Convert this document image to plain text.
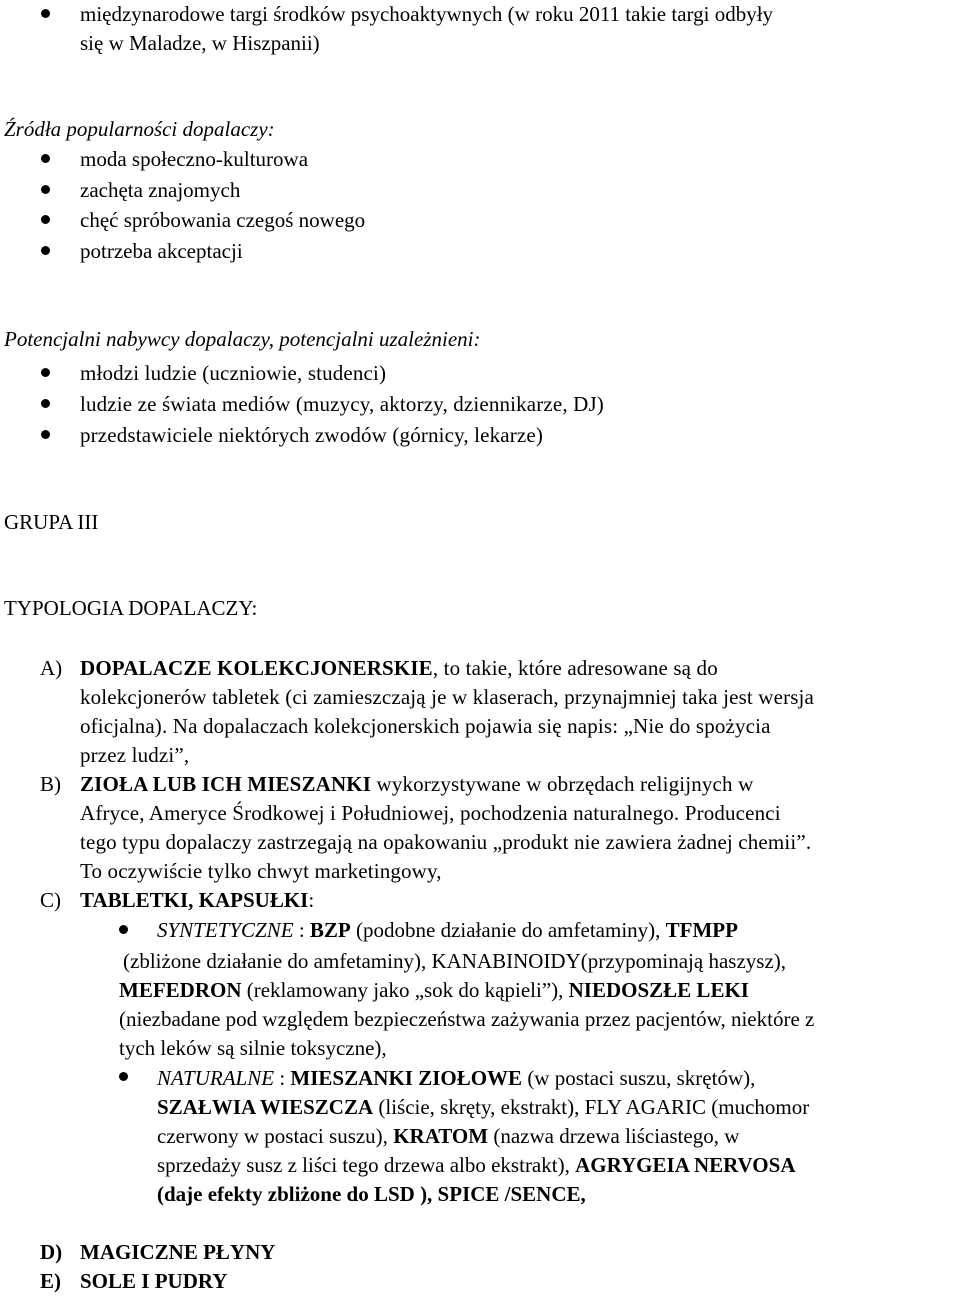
międzynarodowe targi środków psychoaktywnych (w roku 2011 takie targi odbyły
się w Maladze, w Hiszpanii)
Źródła popularności dopalaczy:
moda społeczno-kulturowa
zachęta znajomych
chęć spróbowania czegoś nowego
potrzeba akceptacji
Potencjalni nabywcy dopalaczy, potencjalni uzależnieni:
młodzi ludzie (uczniowie, studenci)
ludzie ze świata mediów (muzycy, aktorzy, dziennikarze, DJ)
przedstawiciele niektórych zwodów (górnicy, lekarze)
GRUPA III
TYPOLOGIA DOPALACZY:
A) DOPALACZE KOLEKCJONERSKIE, to takie, które adresowane są do
kolekcjonerów tabletek (ci zamieszczają je w klaserach, przynajmniej taka jest wersja
oficjalna). Na dopalaczach kolekcjonerskich pojawia się napis: „Nie do spożycia
przez ludzi”,
B) ZIOŁA LUB ICH MIESZANKI wykorzystywane w obrzędach religijnych w
Afryce, Ameryce Środkowej i Południowej, pochodzenia naturalnego. Producenci
tego typu dopalaczy zastrzegają na opakowaniu „produkt nie zawiera żadnej chemii”.
To oczywiście tylko chwyt marketingowy,
C) TABLETKI, KAPSUŁKI:
SYNTETYCZNE : BZP (podobne działanie do amfetaminy), TFMPP
(zbliżone działanie do amfetaminy), KANABINOIDY(przypominają haszysz),
MEFEDRON (reklamowany jako „sok do kąpieli”), NIEDOSZŁE LEKI
(niezbadane pod względem bezpieczeństwa zażywania przez pacjentów, niektóre z
tych leków są silnie toksyczne),
NATURALNE : MIESZANKI ZIOŁOWE (w postaci suszu, skrętów),
SZAŁWIA WIESZCZA (liście, skręty, ekstrakt), FLY AGARIC (muchomor
czerwony w postaci suszu), KRATOM (nazwa drzewa liściastego, w
sprzedaży susz z liści tego drzewa albo ekstrakt), AGRYGEIA NERVOSA
(daje efekty zbliżone do LSD ), SPICE /SENCE,
D) MAGICZNE PŁYNY
E) SOLE I PUDRY
